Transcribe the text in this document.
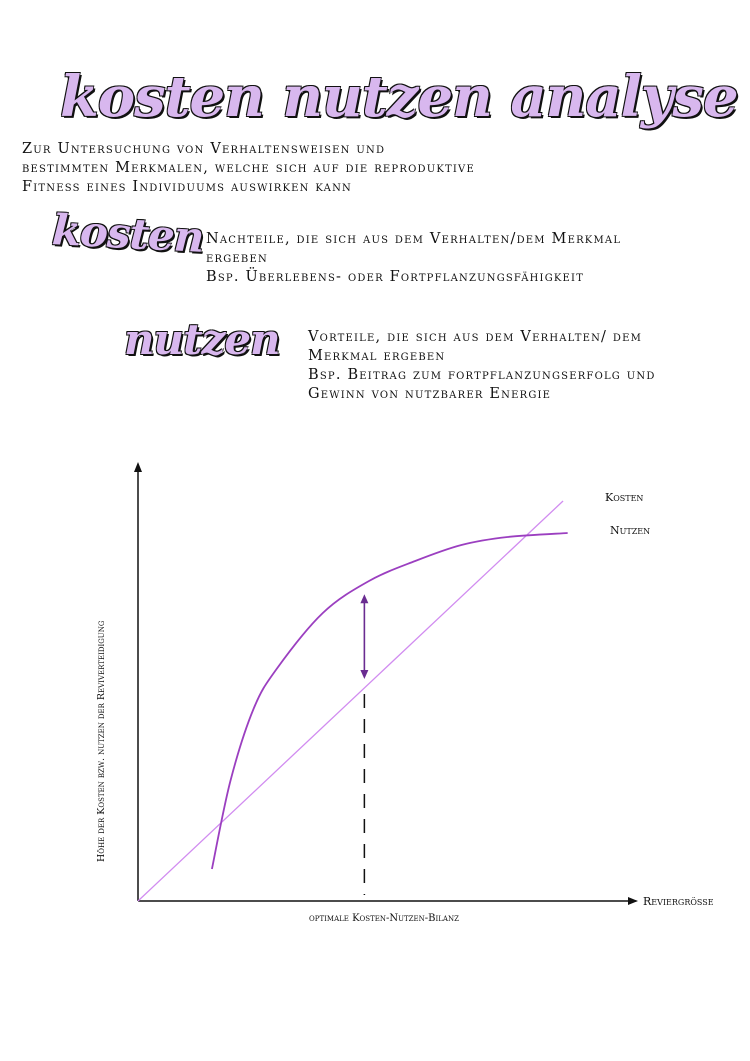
kosten nutzen analyse
Zur Untersuchung von Verhaltensweisen und
bestimmten Merkmalen, welche sich auf die reproduktive
Fitness eines Individuums auswirken kann
kosten Nachteile, die sich aus dem Verhalten/dem Merkmal
ergeben
Bsp. Überlebens- oder Fortpflanzungsfähigkeit
nutzen Vorteile, die sich aus dem Verhalten/ dem
Merkmal ergeben
Bsp. Beitrag zum fortpflanzungserfolg und
Gewinn von nutzbarer Energie
Kosten
Nutzen
Reviergrösse
Höhe der Kosten bzw. nutzen der Reviverteidigung
optimale Kosten-Nutzen-Bilanz
